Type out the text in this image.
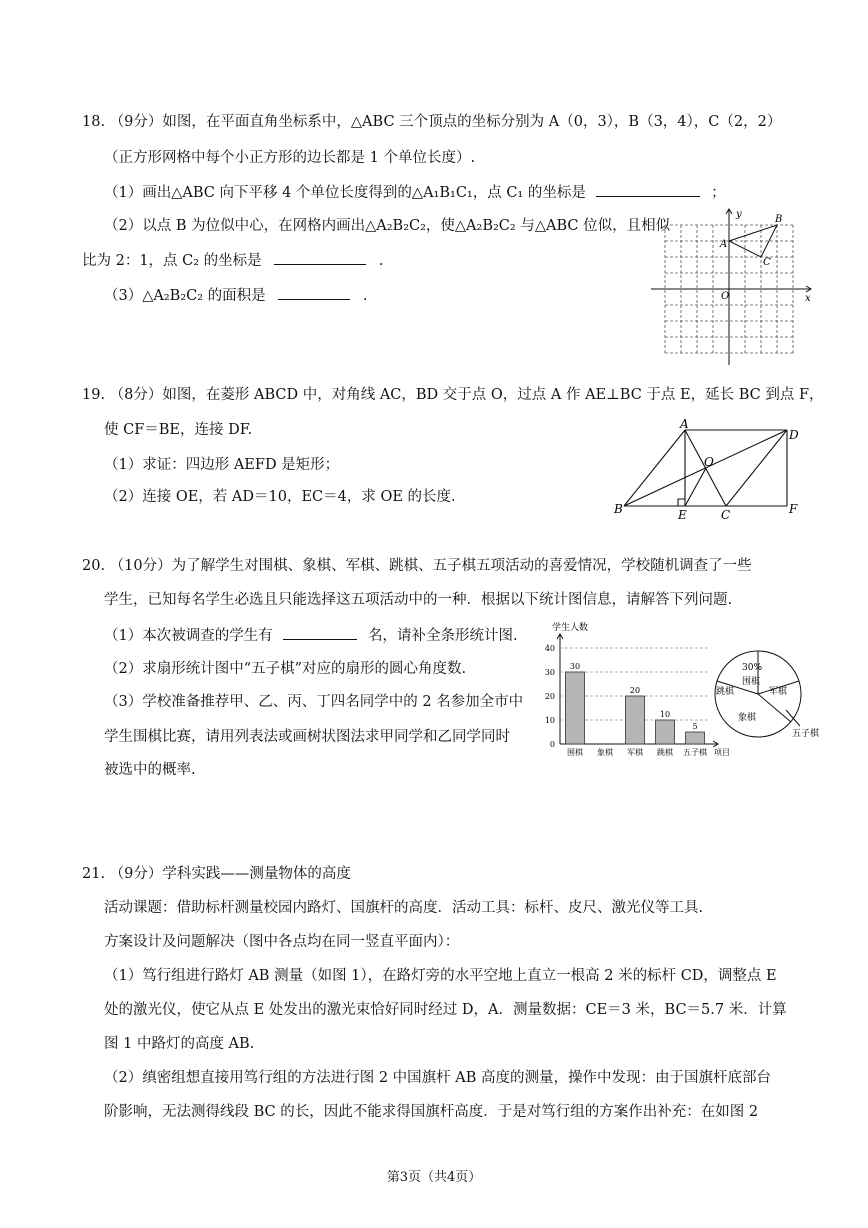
18. （9分）如图，在平面直角坐标系中，△ABC 三个顶点的坐标分别为 A（0，3），B（3，4），C（2，2）
（正方形网格中每个小正方形的边长都是 1 个单位长度）.
（1）画出△ABC 向下平移 4 个单位长度得到的△A₁B₁C₁，点 C₁ 的坐标是	；
（2）以点 B 为位似中心，在网格内画出△A₂B₂C₂，使△A₂B₂C₂ 与△ABC 位似，且相似
比为 2：1，点 C₂ 的坐标是	.
（3）△A₂B₂C₂ 的面积是	.
y
x
O
A
B
C
19. （8分）如图，在菱形 ABCD 中，对角线 AC，BD 交于点 O，过点 A 作 AE⊥BC 于点 E，延长 BC 到点 F，
使 CF＝BE，连接 DF.
（1）求证：四边形 AEFD 是矩形；
（2）连接 OE，若 AD＝10，EC＝4，求 OE 的长度.
A
B	C
D
E	F
O
20. （10分）为了解学生对围棋、象棋、军棋、跳棋、五子棋五项活动的喜爱情况，学校随机调查了一些
学生，已知每名学生必选且只能选择这五项活动中的一种．根据以下统计图信息，请解答下列问题.
（1）本次被调查的学生有	名，请补全条形统计图.
（2）求扇形统计图中“五子棋”对应的扇形的圆心角度数.
（3）学校准备推荐甲、乙、丙、丁四名同学中的 2 名参加全市中
学生围棋比赛，请用列表法或画树状图法求甲同学和乙同学同时
被选中的概率.
0
10
20
30
40
学生人数
项目
30
围棋 象棋
20
军棋
10
跳棋
5
五子棋
30%
围棋
军棋
跳棋
象棋
五子棋
21. （9分）学科实践——测量物体的高度
活动课题：借助标杆测量校园内路灯、国旗杆的高度．活动工具：标杆、皮尺、激光仪等工具.
方案设计及问题解决（图中各点均在同一竖直平面内）：
（1）笃行组进行路灯 AB 测量（如图 1），在路灯旁的水平空地上直立一根高 2 米的标杆 CD，调整点 E
处的激光仪，使它从点 E 处发出的激光束恰好同时经过 D，A．测量数据：CE＝3 米，BC＝5.7 米．计算
图 1 中路灯的高度 AB.
（2）缜密组想直接用笃行组的方法进行图 2 中国旗杆 AB 高度的测量，操作中发现：由于国旗杆底部台
阶影响，无法测得线段 BC 的长，因此不能求得国旗杆高度．于是对笃行组的方案作出补充：在如图 2
第3页（共4页）
